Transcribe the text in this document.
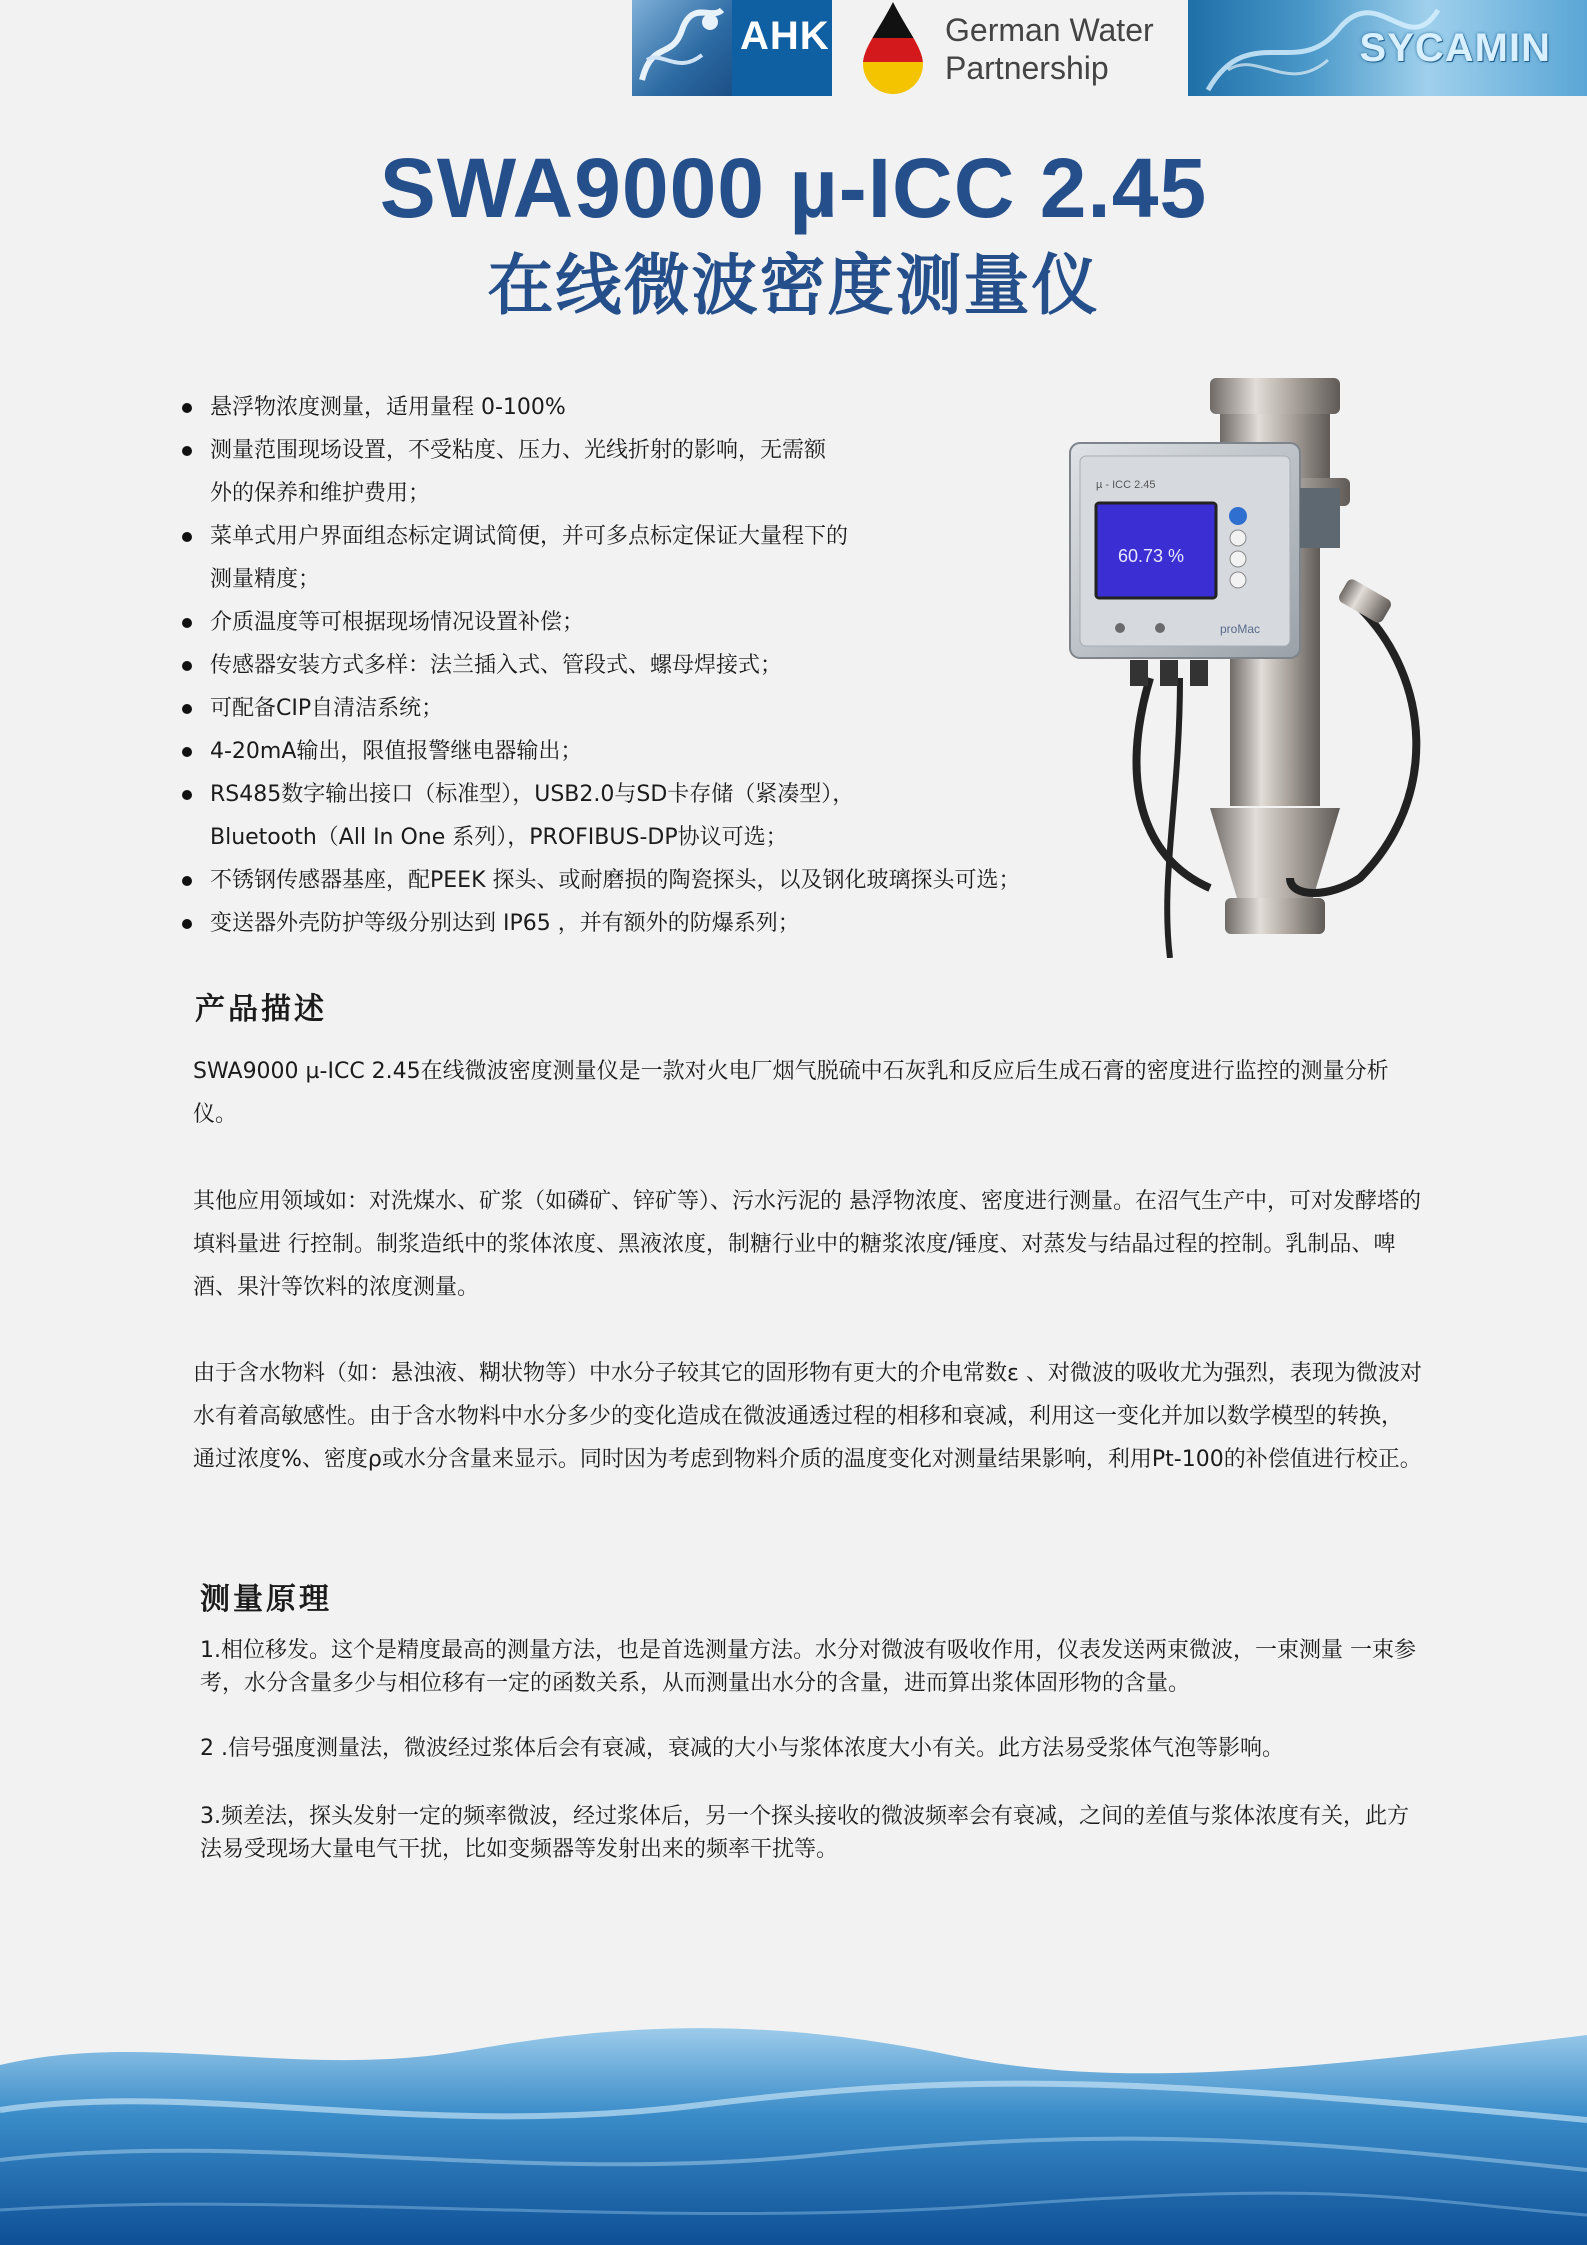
AHK	German Water
Partnership	SYCAMIN
SWA9000 µ-ICC 2.45
在线微波密度测量仪
悬浮物浓度测量，适用量程 0-100%
测量范围现场设置，不受粘度、压力、光线折射的影响，无需额
外的保养和维护费用；
菜单式用户界面组态标定调试简便，并可多点标定保证大量程下的
测量精度；
介质温度等可根据现场情况设置补偿；
传感器安装方式多样：法兰插入式、管段式、螺母焊接式；
可配备CIP自清洁系统；
4-20mA输出，限值报警继电器输出；
RS485数字输出接口（标准型），USB2.0与SD卡存储（紧凑型），
Bluetooth（All In One 系列），PROFIBUS-DP协议可选；
不锈钢传感器基座，配PEEK 探头、或耐磨损的陶瓷探头，以及钢化玻璃探头可选；
变送器外壳防护等级分别达到 IP65 ，并有额外的防爆系列；
µ - ICC 2.45
60.73 %
proMac
产品描述

SWA9000 µ-ICC 2.45在线微波密度测量仪是一款对火电厂烟气脱硫中石灰乳和反应后生成石膏的密度进行监控的测量分析仪。

其他应用领域如：对洗煤水、矿浆（如磷矿、锌矿等）、污水污泥的 悬浮物浓度、密度进行测量。在沼气生产中，可对发酵塔的填料量进 行控制。制浆造纸中的浆体浓度、黑液浓度，制糖行业中的糖浆浓度/锤度、对蒸发与结晶过程的控制。乳制品、啤酒、果汁等饮料的浓度测量。

由于含水物料（如：悬浊液、糊状物等）中水分子较其它的固形物有更大的介电常数ε 、对微波的吸收尤为强烈，表现为微波对水有着高敏感性。由于含水物料中水分多少的变化造成在微波通透过程的相移和衰减，利用这一变化并加以数学模型的转换，通过浓度%、密度ρ或水分含量来显示。同时因为考虑到物料介质的温度变化对测量结果影响，利用Pt-100的补偿值进行校正。

测量原理

1.相位移发。这个是精度最高的测量方法，也是首选测量方法。水分对微波有吸收作用，仪表发送两束微波，一束测量 一束参考，水分含量多少与相位移有一定的函数关系，从而测量出水分的含量，进而算出浆体固形物的含量。

2 .信号强度测量法，微波经过浆体后会有衰减，衰减的大小与浆体浓度大小有关。此方法易受浆体气泡等影响。

3.频差法，探头发射一定的频率微波，经过浆体后，另一个探头接收的微波频率会有衰减，之间的差值与浆体浓度有关，此方法易受现场大量电气干扰，比如变频器等发射出来的频率干扰等。
